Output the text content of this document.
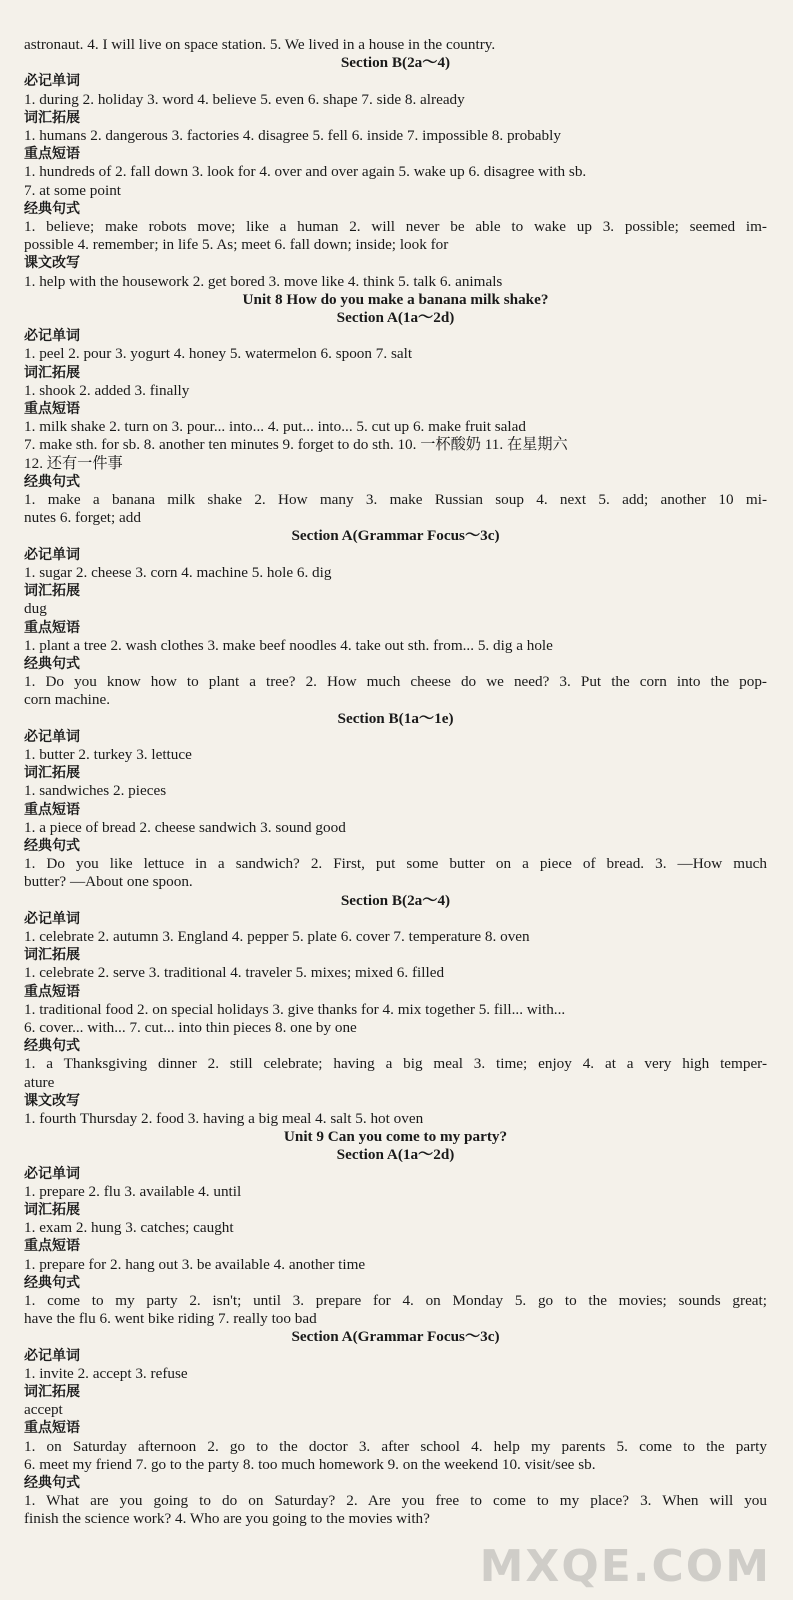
astronaut. 4. I will live on space station. 5. We lived in a house in the country.
Section B(2a～4)
必记单词
1. during 2. holiday 3. word 4. believe 5. even 6. shape 7. side 8. already
词汇拓展
1. humans 2. dangerous 3. factories 4. disagree 5. fell 6. inside 7. impossible 8. probably
重点短语
1. hundreds of 2. fall down 3. look for 4. over and over again 5. wake up 6. disagree with sb.
7. at some point
经典句式
1. believe; make robots move; like a human 2. will never be able to wake up 3. possible; seemed im-
possible 4. remember; in life 5. As; meet 6. fall down; inside; look for
课文改写
1. help with the housework 2. get bored 3. move like 4. think 5. talk 6. animals
Unit 8 How do you make a banana milk shake?
Section A(1a～2d)
必记单词
1. peel 2. pour 3. yogurt 4. honey 5. watermelon 6. spoon 7. salt
词汇拓展
1. shook 2. added 3. finally
重点短语
1. milk shake 2. turn on 3. pour... into... 4. put... into... 5. cut up 6. make fruit salad
7. make sth. for sb. 8. another ten minutes 9. forget to do sth. 10. 一杯酸奶 11. 在星期六
12. 还有一件事
经典句式
1. make a banana milk shake 2. How many 3. make Russian soup 4. next 5. add; another 10 mi-
nutes 6. forget; add
Section A(Grammar Focus～3c)
必记单词
1. sugar 2. cheese 3. corn 4. machine 5. hole 6. dig
词汇拓展
dug
重点短语
1. plant a tree 2. wash clothes 3. make beef noodles 4. take out sth. from... 5. dig a hole
经典句式
1. Do you know how to plant a tree? 2. How much cheese do we need? 3. Put the corn into the pop-
corn machine.
Section B(1a～1e)
必记单词
1. butter 2. turkey 3. lettuce
词汇拓展
1. sandwiches 2. pieces
重点短语
1. a piece of bread 2. cheese sandwich 3. sound good
经典句式
1. Do you like lettuce in a sandwich? 2. First, put some butter on a piece of bread. 3. —How much
butter? —About one spoon.
Section B(2a～4)
必记单词
1. celebrate 2. autumn 3. England 4. pepper 5. plate 6. cover 7. temperature 8. oven
词汇拓展
1. celebrate 2. serve 3. traditional 4. traveler 5. mixes; mixed 6. filled
重点短语
1. traditional food 2. on special holidays 3. give thanks for 4. mix together 5. fill... with...
6. cover... with... 7. cut... into thin pieces 8. one by one
经典句式
1. a Thanksgiving dinner 2. still celebrate; having a big meal 3. time; enjoy 4. at a very high temper-
ature
课文改写
1. fourth Thursday 2. food 3. having a big meal 4. salt 5. hot oven
Unit 9 Can you come to my party?
Section A(1a～2d)
必记单词
1. prepare 2. flu 3. available 4. until
词汇拓展
1. exam 2. hung 3. catches; caught
重点短语
1. prepare for 2. hang out 3. be available 4. another time
经典句式
1. come to my party 2. isn't; until 3. prepare for 4. on Monday 5. go to the movies; sounds great;
have the flu 6. went bike riding 7. really too bad
Section A(Grammar Focus～3c)
必记单词
1. invite 2. accept 3. refuse
词汇拓展
accept
重点短语
1. on Saturday afternoon 2. go to the doctor 3. after school 4. help my parents 5. come to the party
6. meet my friend 7. go to the party 8. too much homework 9. on the weekend 10. visit/see sb.
经典句式
1. What are you going to do on Saturday? 2. Are you free to come to my place? 3. When will you
finish the science work? 4. Who are you going to the movies with?
MXQE.COM
